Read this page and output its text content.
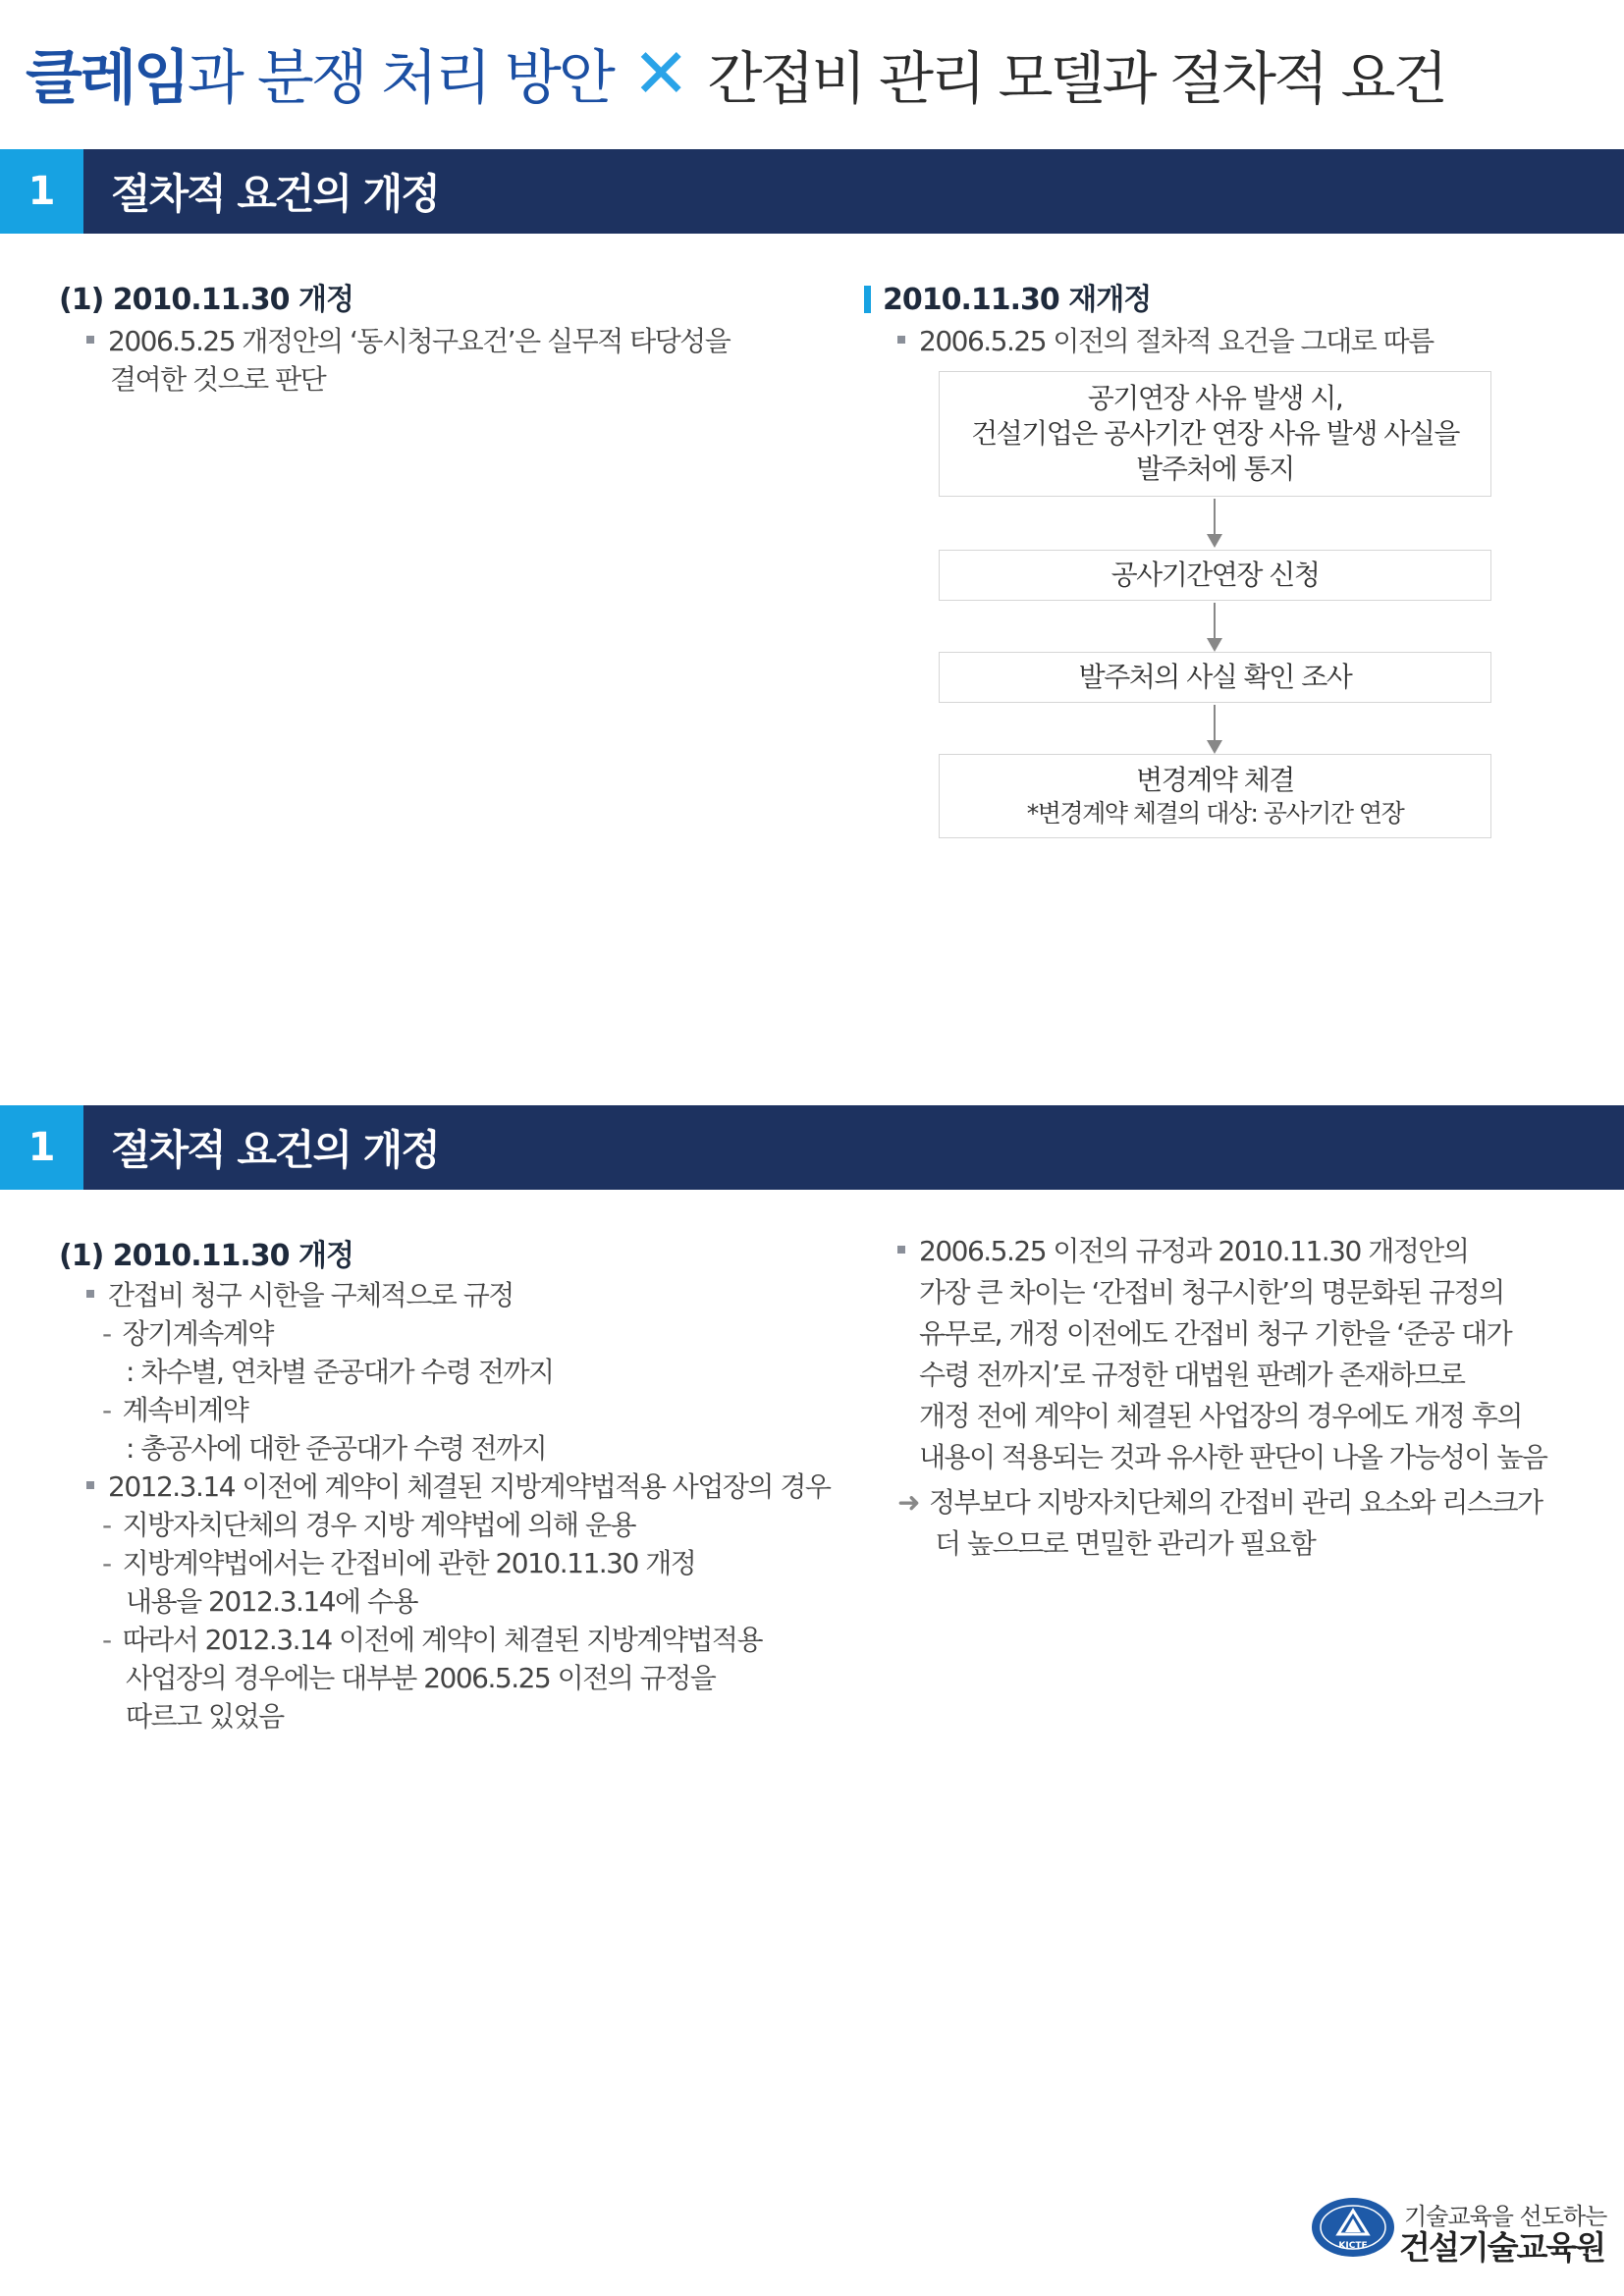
클레임 과 분쟁 처리 방안 ✕ 간접비 관리 모델과 절차적 요건
1	절차적 요건의 개정
(1) 2010.11.30 개정
2006.5.25 개정안의 ‘동시청구요건’은 실무적 타당성을
결여한 것으로 판단
2010.11.30 재개정
2006.5.25 이전의 절차적 요건을 그대로 따름
공기연장 사유 발생 시,
건설기업은 공사기간 연장 사유 발생 사실을
발주처에 통지
공사기간연장 신청
발주처의 사실 확인 조사
변경계약 체결
*변경계약 체결의 대상: 공사기간 연장
1	절차적 요건의 개정
(1) 2010.11.30 개정
간접비 청구 시한을 구체적으로 규정
- 장기계속계약
: 차수별, 연차별 준공대가 수령 전까지
- 계속비계약
: 총공사에 대한 준공대가 수령 전까지
2012.3.14 이전에 계약이 체결된 지방계약법적용 사업장의 경우
- 지방자치단체의 경우 지방 계약법에 의해 운용
- 지방계약법에서는 간접비에 관한 2010.11.30 개정
내용을 2012.3.14에 수용
- 따라서 2012.3.14 이전에 계약이 체결된 지방계약법적용
사업장의 경우에는 대부분 2006.5.25 이전의 규정을
따르고 있었음
2006.5.25 이전의 규정과 2010.11.30 개정안의
가장 큰 차이는 ‘간접비 청구시한’의 명문화된 규정의
유무로, 개정 이전에도 간접비 청구 기한을 ‘준공 대가
수령 전까지’로 규정한 대법원 판례가 존재하므로
개정 전에 계약이 체결된 사업장의 경우에도 개정 후의
내용이 적용되는 것과 유사한 판단이 나올 가능성이 높음
➜ 정부보다 지방자치단체의 간접비 관리 요소와 리스크가
더 높으므로 면밀한 관리가 필요함
KICTE
기술교육을 선도하는
건설기술교육원
